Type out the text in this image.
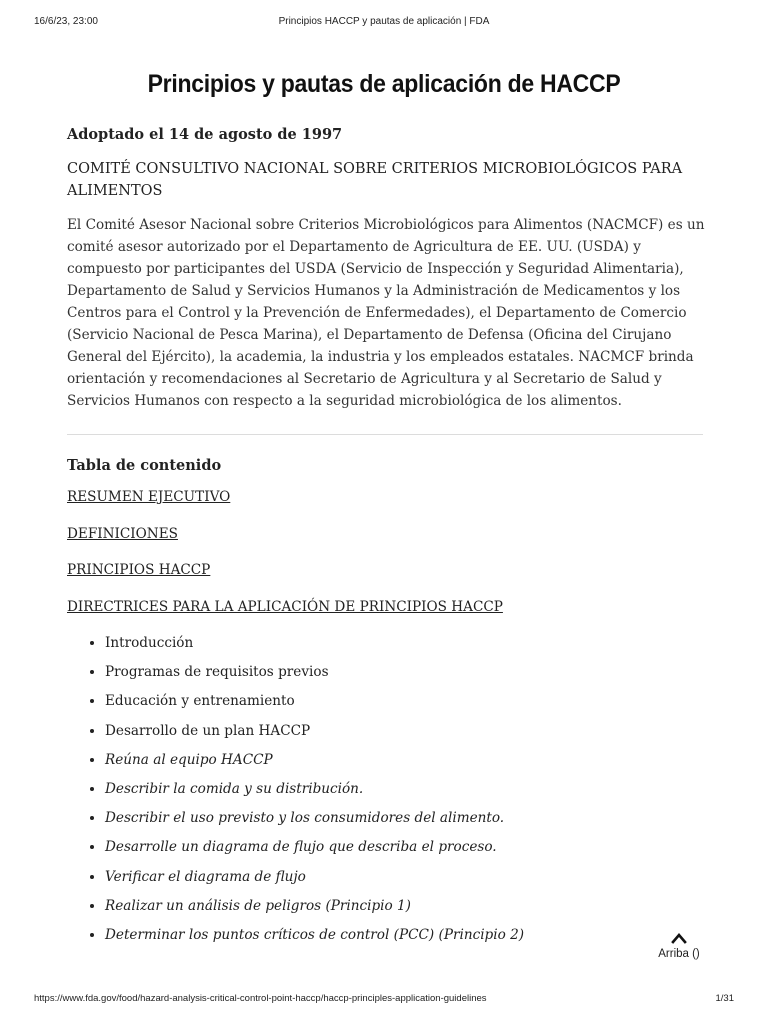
16/6/23, 23:00	Principios HACCP y pautas de aplicación | FDA
Principios y pautas de aplicación de HACCP

Adoptado el 14 de agosto de 1997

COMITÉ CONSULTIVO NACIONAL SOBRE CRITERIOS MICROBIOLÓGICOS PARA ALIMENTOS

El Comité Asesor Nacional sobre Criterios Microbiológicos para Alimentos (NACMCF) es un comité asesor autorizado por el Departamento de Agricultura de EE. UU. (USDA) y compuesto por participantes del USDA (Servicio de Inspección y Seguridad Alimentaria), Departamento de Salud y Servicios Humanos y la Administración de Medicamentos y los Centros para el Control y la Prevención de Enfermedades), el Departamento de Comercio (Servicio Nacional de Pesca Marina), el Departamento de Defensa (Oficina del Cirujano General del Ejército), la academia, la industria y los empleados estatales. NACMCF brinda orientación y recomendaciones al Secretario de Agricultura y al Secretario de Salud y Servicios Humanos con respecto a la seguridad microbiológica de los alimentos.

Tabla de contenido

RESUMEN EJECUTIVO
DEFINICIONES
PRINCIPIOS HACCP
DIRECTRICES PARA LA APLICACIÓN DE PRINCIPIOS HACCP
• Introducción
• Programas de requisitos previos
• Educación y entrenamiento
• Desarrollo de un plan HACCP
• Reúna al equipo HACCP
• Describir la comida y su distribución.
• Describir el uso previsto y los consumidores del alimento.
• Desarrolle un diagrama de flujo que describa el proceso.
• Verificar el diagrama de flujo
• Realizar un análisis de peligros (Principio 1)
• Determinar los puntos críticos de control (PCC) (Principio 2)
Arriba ()
https://www.fda.gov/food/hazard-analysis-critical-control-point-haccp/haccp-principles-application-guidelines	1/31
